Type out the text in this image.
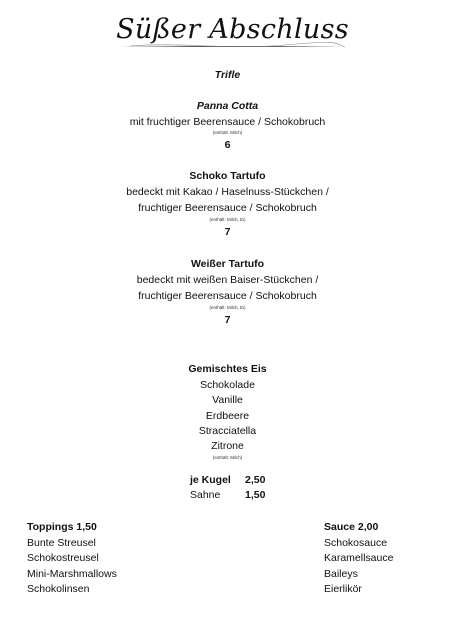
Süßer Abschluss
Trifle
Panna Cotta
mit fruchtiger Beerensauce / Schokobruch
(enthält: Milch)
6
Schoko Tartufo
bedeckt mit Kakao / Haselnuss-Stückchen /
fruchtiger Beerensauce / Schokobruch
(enthält: Milch, Ei)
7
Weißer Tartufo
bedeckt mit weißen Baiser-Stückchen /
fruchtiger Beerensauce / Schokobruch
(enthält: Milch, Ei)
7
Gemischtes Eis
Schokolade
Vanille
Erdbeere
Stracciatella
Zitrone
(enthält: Milch)
je Kugel 2,50
Sahne 1,50
Toppings 1,50
Bunte Streusel
Schokostreusel
Mini-Marshmallows
Schokolinsen
Sauce 2,00
Schokosauce
Karamellsauce
Baileys
Eierlikör
